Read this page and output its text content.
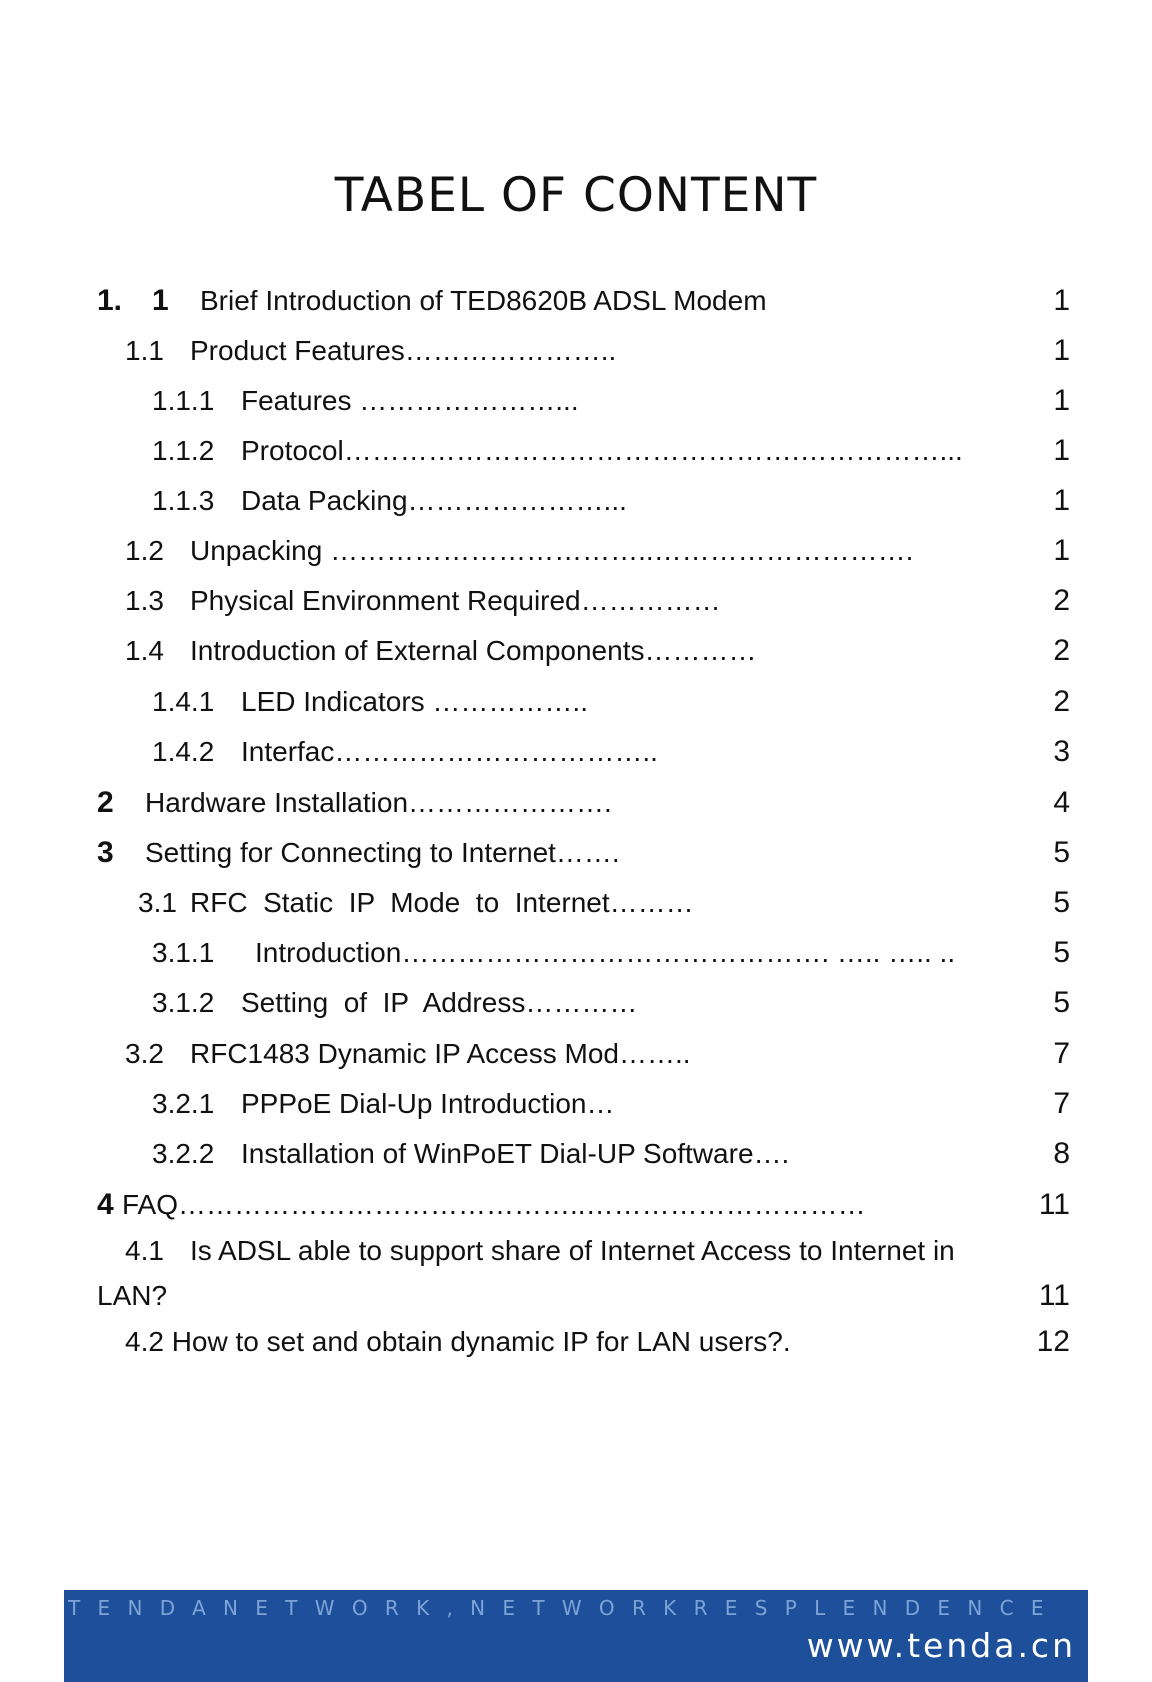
TABEL OF CONTENT
1. 1 Brief Introduction of TED8620B ADSL Modem	1
1.1 Product Features…………………..	1
1.1.1 Features …………………...	1
1.1.2 Protocol………………………………………….……………...	1
1.1.3 Data Packing…………………...	1
1.2 Unpacking ……………………………..……………………….	1
1.3 Physical Environment Required……………	2
1.4 Introduction of External Components…………	2
1.4.1 LED Indicators ……………..	2
1.4.2 Interfac……………………………..	3
2 Hardware Installation………………….	4
3 Setting for Connecting to Internet…….	5
3.1 RFC  Static  IP  Mode  to  Internet………	5
3.1.1 Introduction………………………………………. ….. ….. ..	5
3.1.2 Setting  of  IP  Address…………	5
3.2 RFC1483 Dynamic IP Access Mod……..	7
3.2.1 PPPoE Dial-Up Introduction…	7
3.2.2 Installation of WinPoET Dial-UP Software….	8
4 FAQ……………………………………..…………………………	11
4.1 Is ADSL able to support share of Internet Access to Internet in
LAN?	11
4.2 How to set and obtain dynamic IP for LAN users?.	12
TENDANETWORK,NETWORKRESPLENDENCE
www.tenda.cn
